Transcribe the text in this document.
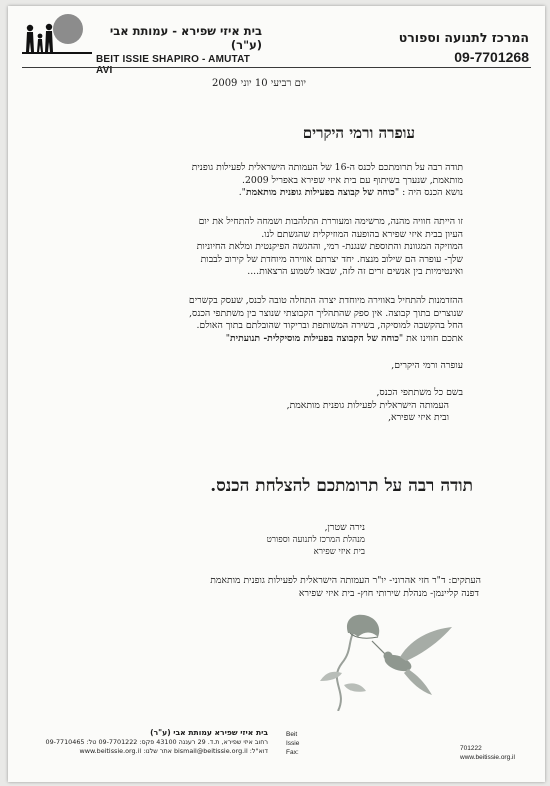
בית איזי שפירא - עמותת אבי (ע"ר)
BEIT ISSIE SHAPIRO - AMUTAT AVI
המרכז לתנועה וספורט
09-7701268
יום רביעי 10 יוני 2009
עופרה ורמי היקרים
תודה רבה על תרומתכם לכנס ה-16 של העמותה הישראלית לפעילות גופנית
מותאמת, שנערך בשיתוף עם בית איזי שפירא באפריל 2009.
נושא הכנס היה : "כוחה של קבוצה בפעילות גופנית מותאמת".
זו הייתה חוויה מהנה, מרשימה ומעוררת התלהבות ושמחה להתחיל את יום
העיון בבית איזי שפירא בהופעה המוזיקלית שהגשתם לנו.
המוזיקה המגוונת והתוספת שנגנת- רמי, וההגשה הפיקנטית ומלאת החיוניות
שלך- עופרה הם שילוב מנצח. יחד יצרתם אווירה מיוחדת של קירוב לבבות
ואינטימיות בין אנשים זרים זה לזה, שבאו לשמוע הרצאות....
ההזדמנות להתחיל באווירה מיוחדת יצרה התחלה טובה לכנס, שעסק בקשרים
שנוצרים בתוך קבוצה. אין ספק שהתהליך הקבוצתי שנוצר בין משתתפי הכנס,
החל בהקשבה למוסיקה, בשירה המשותפת ובריקוד שהובלתם בתוך האולם.
אתכם חווינו את "כוחה של הקבוצה בפעילות מוסיקלית- תנועתית"
עופרה ורמי היקרים,
בשם כל משתתפי הכנס,
העמותה הישראלית לפעילות גופנית מותאמת,
ובית איזי שפירא,
תודה רבה על תרומתכם להצלחת הכנס.
נירה שטרן,
מנהלת המרכז לתנועה וספורט
בית איזי שפירא
העתקים: ד"ר חזי אהרוני- יו"ר העמותה הישראלית לפעילות גופנית מותאמת
דפנה קליינמן- מנהלת שירותי חוץ- בית איזי שפירא
בית איזי שפירא עמותת אבי (ע"ר)
רחוב איזי שפירא, ת.ד. 29 רעננה 43100 פקס: 09-7701222 טל: 09-7710465
דוא"ל: bismail@beitissie.org.il אתר שלנו: www.beitissie.org.il
Beit
Issie
Fax:
701222
www.beitissie.org.il
